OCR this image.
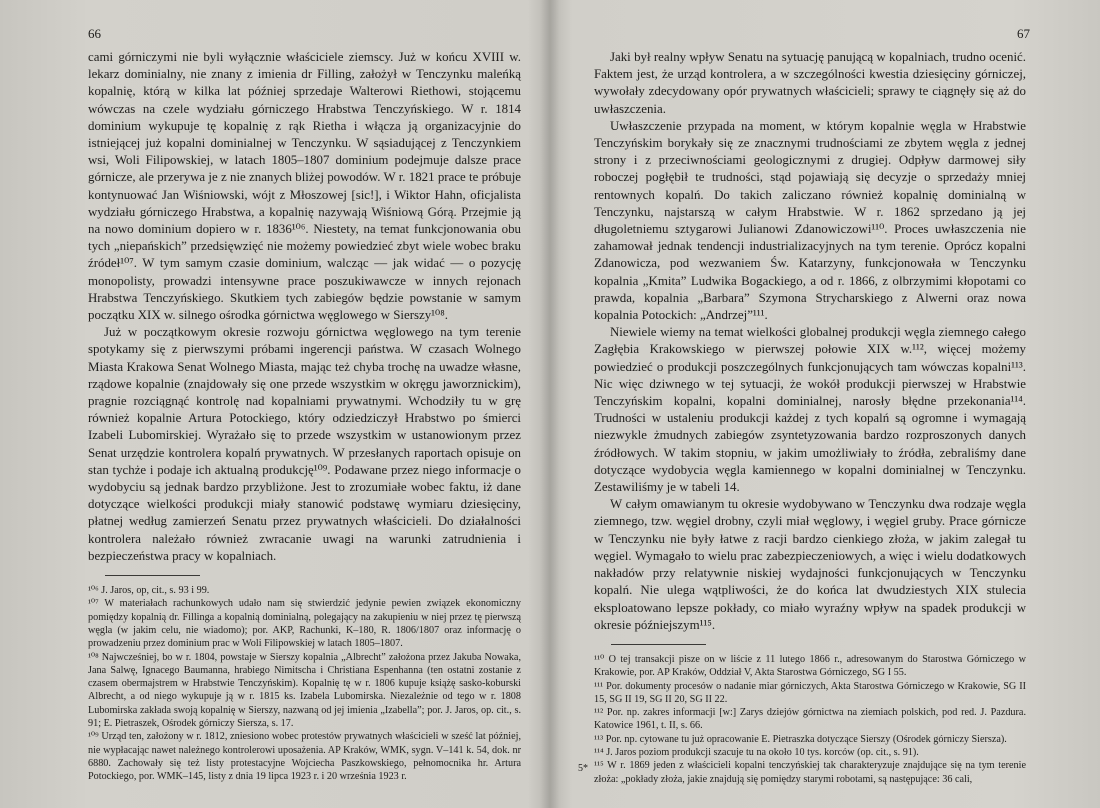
66

cami górniczymi nie byli wyłącznie właściciele ziemscy. Już w końcu XVIII w. lekarz dominialny, nie znany z imienia dr Filling, założył w Tenczynku maleńką kopalnię, którą w kilka lat później sprzedaje Walterowi Riethowi, stojącemu wówczas na czele wydziału górniczego Hrabstwa Tenczyńskiego. W r. 1814 dominium wykupuje tę kopalnię z rąk Rietha i włącza ją organizacyjnie do istniejącej już kopalni dominialnej w Tenczynku. W sąsiadującej z Tenczynkiem wsi, Woli Filipowskiej, w latach 1805–1807 dominium podejmuje dalsze prace górnicze, ale przerywa je z nie znanych bliżej powodów. W r. 1821 prace te próbuje kontynuować Jan Wiśniowski, wójt z Młoszowej [sic!], i Wiktor Hahn, oficjalista wydziału górniczego Hrabstwa, a kopalnię nazywają Wiśniową Górą. Przejmie ją na nowo dominium dopiero w r. 1836¹⁰⁶. Niestety, na temat funkcjonowania obu tych „niepańskich” przedsięwzięć nie możemy powiedzieć zbyt wiele wobec braku źródeł¹⁰⁷. W tym samym czasie dominium, walcząc — jak widać — o pozycję monopolisty, prowadzi intensywne prace poszukiwawcze w innych rejonach Hrabstwa Tenczyńskiego. Skutkiem tych zabiegów będzie powstanie w samym początku XIX w. silnego ośrodka górnictwa węglowego w Sierszy¹⁰⁸.

Już w początkowym okresie rozwoju górnictwa węglowego na tym terenie spotykamy się z pierwszymi próbami ingerencji państwa. W czasach Wolnego Miasta Krakowa Senat Wolnego Miasta, mając też chyba trochę na uwadze własne, rządowe kopalnie (znajdowały się one przede wszystkim w okręgu jaworznickim), pragnie rozciągnąć kontrolę nad kopalniami prywatnymi. Wchodziły tu w grę również kopalnie Artura Potockiego, który odziedziczył Hrabstwo po śmierci Izabeli Lubomirskiej. Wyrażało się to przede wszystkim w ustanowionym przez Senat urzędzie kontrolera kopalń prywatnych. W przesłanych raportach opisuje on stan tychże i podaje ich aktualną produkcję¹⁰⁹. Podawane przez niego informacje o wydobyciu są jednak bardzo przybliżone. Jest to zrozumiałe wobec faktu, iż dane dotyczące wielkości produkcji miały stanowić podstawę wymiaru dziesięciny, płatnej według zamierzeń Senatu przez prywatnych właścicieli. Do działalności kontrolera należało również zwracanie uwagi na warunki zatrudnienia i bezpieczeństwa pracy w kopalniach.

¹⁰⁶ J. Jaros, op, cit., s. 93 i 99.

¹⁰⁷ W materiałach rachunkowych udało nam się stwierdzić jedynie pewien związek ekonomiczny pomiędzy kopalnią dr. Fillinga a kopalnią dominialną, polegający na zakupieniu w niej przez tę pierwszą węgla (w jakim celu, nie wiadomo); por. AKP, Rachunki, K–180, R. 1806/1807 oraz informację o prowadzeniu przez dominium prac w Woli Filipowskiej w latach 1805–1807.

¹⁰⁸ Najwcześniej, bo w r. 1804, powstaje w Sierszy kopalnia „Albrecht” założona przez Jakuba Nowaka, Jana Salwę, Ignacego Baumanna, hrabiego Nimitscha i Christiana Espenhanna (ten ostatni zostanie z czasem obermajstrem w Hrabstwie Tenczyńskim). Kopalnię tę w r. 1806 kupuje książę sasko-koburski Albrecht, a od niego wykupuje ją w r. 1815 ks. Izabela Lubomirska. Niezależnie od tego w r. 1808 Lubomirska zakłada swoją kopalnię w Sierszy, nazwaną od jej imienia „Izabella”; por. J. Jaros, op. cit., s. 91; E. Pietraszek, Ośrodek górniczy Siersza, s. 17.

¹⁰⁹ Urząd ten, założony w r. 1812, zniesiono wobec protestów prywatnych właścicieli w sześć lat później, nie wypłacając nawet należnego kontrolerowi uposażenia. AP Kraków, WMK, sygn. V–141 k. 54, dok. nr 6880. Zachowały się też listy protestacyjne Wojciecha Paszkowskiego, pełnomocnika hr. Artura Potockiego, por. WMK–145, listy z dnia 19 lipca 1923 r. i 20 września 1923 r.

67

Jaki był realny wpływ Senatu na sytuację panującą w kopalniach, trudno ocenić. Faktem jest, że urząd kontrolera, a w szczególności kwestia dziesięciny górniczej, wywołały zdecydowany opór prywatnych właścicieli; sprawy te ciągnęły się aż do uwłaszczenia.

Uwłaszczenie przypada na moment, w którym kopalnie węgla w Hrabstwie Tenczyńskim borykały się ze znacznymi trudnościami ze zbytem węgla z jednej strony i z przeciwnościami geologicznymi z drugiej. Odpływ darmowej siły roboczej pogłębił te trudności, stąd pojawiają się decyzje o sprzedaży mniej rentownych kopalń. Do takich zaliczano również kopalnię dominialną w Tenczynku, najstarszą w całym Hrabstwie. W r. 1862 sprzedano ją jej długoletniemu sztygarowi Julianowi Zdanowiczowi¹¹⁰. Proces uwłaszczenia nie zahamował jednak tendencji industrializacyjnych na tym terenie. Oprócz kopalni Zdanowicza, pod wezwaniem Św. Katarzyny, funkcjonowała w Tenczynku kopalnia „Kmita” Ludwika Bogackiego, a od r. 1866, z olbrzymimi kłopotami co prawda, kopalnia „Barbara” Szymona Strycharskiego z Alwerni oraz nowa kopalnia Potockich: „Andrzej”¹¹¹.

Niewiele wiemy na temat wielkości globalnej produkcji węgla ziemnego całego Zagłębia Krakowskiego w pierwszej połowie XIX w.¹¹², więcej możemy powiedzieć o produkcji poszczególnych funkcjonujących tam wówczas kopalni¹¹³. Nic więc dziwnego w tej sytuacji, że wokół produkcji pierwszej w Hrabstwie Tenczyńskim kopalni, kopalni dominialnej, narosły błędne przekonania¹¹⁴. Trudności w ustaleniu produkcji każdej z tych kopalń są ogromne i wymagają niezwykle żmudnych zabiegów zsyntetyzowania bardzo rozproszonych danych źródłowych. W takim stopniu, w jakim umożliwiały to źródła, zebraliśmy dane dotyczące wydobycia węgla kamiennego w kopalni dominialnej w Tenczynku. Zestawiliśmy je w tabeli 14.

W całym omawianym tu okresie wydobywano w Tenczynku dwa rodzaje węgla ziemnego, tzw. węgiel drobny, czyli miał węglowy, i węgiel gruby. Prace górnicze w Tenczynku nie były łatwe z racji bardzo cienkiego złoża, w jakim zalegał tu węgiel. Wymagało to wielu prac zabezpieczeniowych, a więc i wielu dodatkowych nakładów przy relatywnie niskiej wydajności funkcjonujących w Tenczynku kopalń. Nie ulega wątpliwości, że do końca lat dwudziestych XIX stulecia eksploatowano lepsze pokłady, co miało wyraźny wpływ na spadek produkcji w okresie późniejszym¹¹⁵.

¹¹⁰ O tej transakcji pisze on w liście z 11 lutego 1866 r., adresowanym do Starostwa Górniczego w Krakowie, por. AP Kraków, Oddział V, Akta Starostwa Górniczego, SG I 55.

¹¹¹ Por. dokumenty procesów o nadanie miar górniczych, Akta Starostwa Górniczego w Krakowie, SG II 15, SG II 19, SG II 20, SG II 22.

¹¹² Por. np. zakres informacji [w:] Zarys dziejów górnictwa na ziemiach polskich, pod red. J. Pazdura. Katowice 1961, t. II, s. 66.

¹¹³ Por. np. cytowane tu już opracowanie E. Pietraszka dotyczące Sierszy (Ośrodek górniczy Siersza).

¹¹⁴ J. Jaros poziom produkcji szacuje tu na około 10 tys. korców (op. cit., s. 91).

¹¹⁵ W r. 1869 jeden z właścicieli kopalni tenczyńskiej tak charakteryzuje znajdujące się na tym terenie złoża: „pokłady złoża, jakie znajdują się pomiędzy starymi robotami, są następujące: 36 cali,

5*
